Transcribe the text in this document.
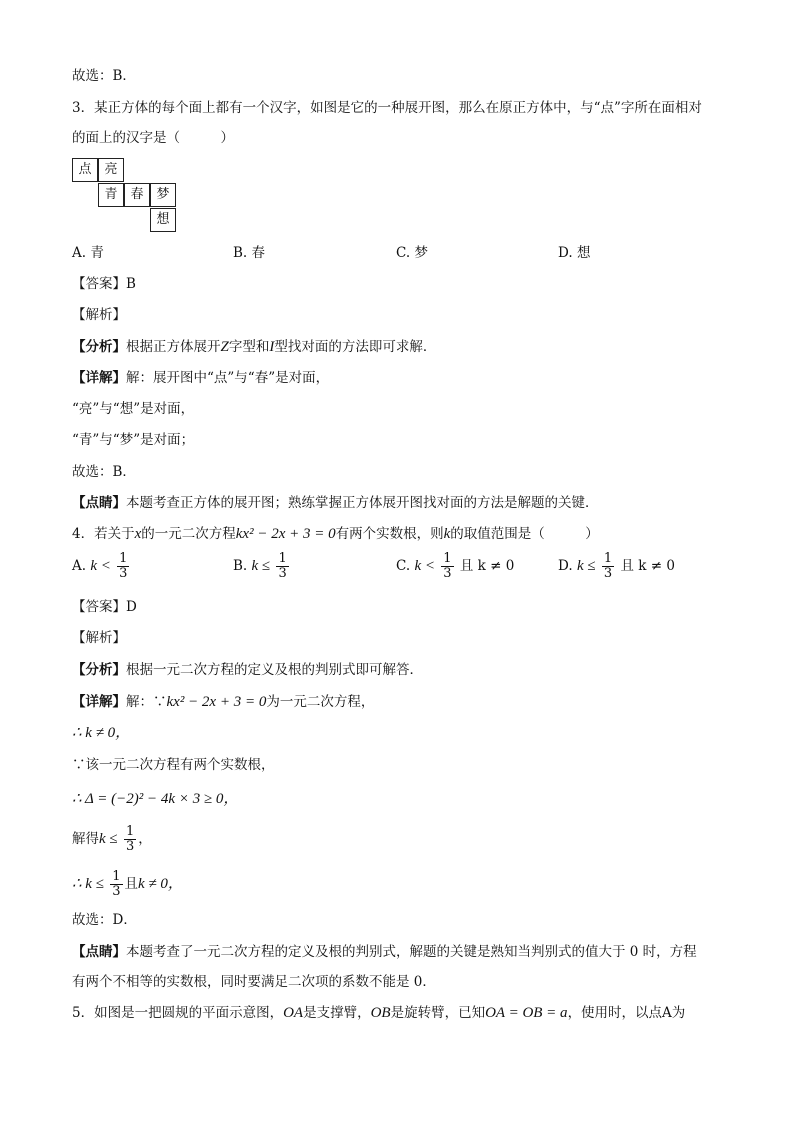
故选：B．
3．某正方体的每个面上都有一个汉字，如图是它的一种展开图，那么在原正方体中，与“点”字所在面相对
的面上的汉字是（　　　）
点 亮
青 春 梦
想
A. 青	B. 春	C. 梦	D. 想
【答案】B
【解析】
【分析】根据正方体展开Z字型和I型找对面的方法即可求解．
【详解】解：展开图中“点”与“春”是对面，
“亮”与“想”是对面，
“青”与“梦”是对面；
故选：B．
【点睛】本题考查正方体的展开图；熟练掌握正方体展开图找对面的方法是解题的关键．
4．若关于x的一元二次方程kx² − 2x + 3 = 0有两个实数根，则k的取值范围是（　　　）
A. $k < \frac{1}{3}$	B. $k \le \frac{1}{3}$	C. $k < \frac{1}{3}$ 且 k ≠ 0	D. $k \le \frac{1}{3}$ 且 k ≠ 0
【答案】D
【解析】
【分析】根据一元二次方程的定义及根的判别式即可解答．
【详解】解：∵kx² − 2x + 3 = 0为一元二次方程，
∴ k ≠ 0，
∵该一元二次方程有两个实数根，
∴ Δ = (−2)² − 4k × 3 ≥ 0，
解得$k \le \frac{1}{3}$ ，
∴ $k \le \frac{1}{3}$ 且k ≠ 0，
故选：D．
【点睛】本题考查了一元二次方程的定义及根的判别式，解题的关键是熟知当判别式的值大于 0 时，方程
有两个不相等的实数根，同时要满足二次项的系数不能是 0．
5．如图是一把圆规的平面示意图，OA是支撑臂，OB是旋转臂，已知OA = OB = a，使用时，以点A为
